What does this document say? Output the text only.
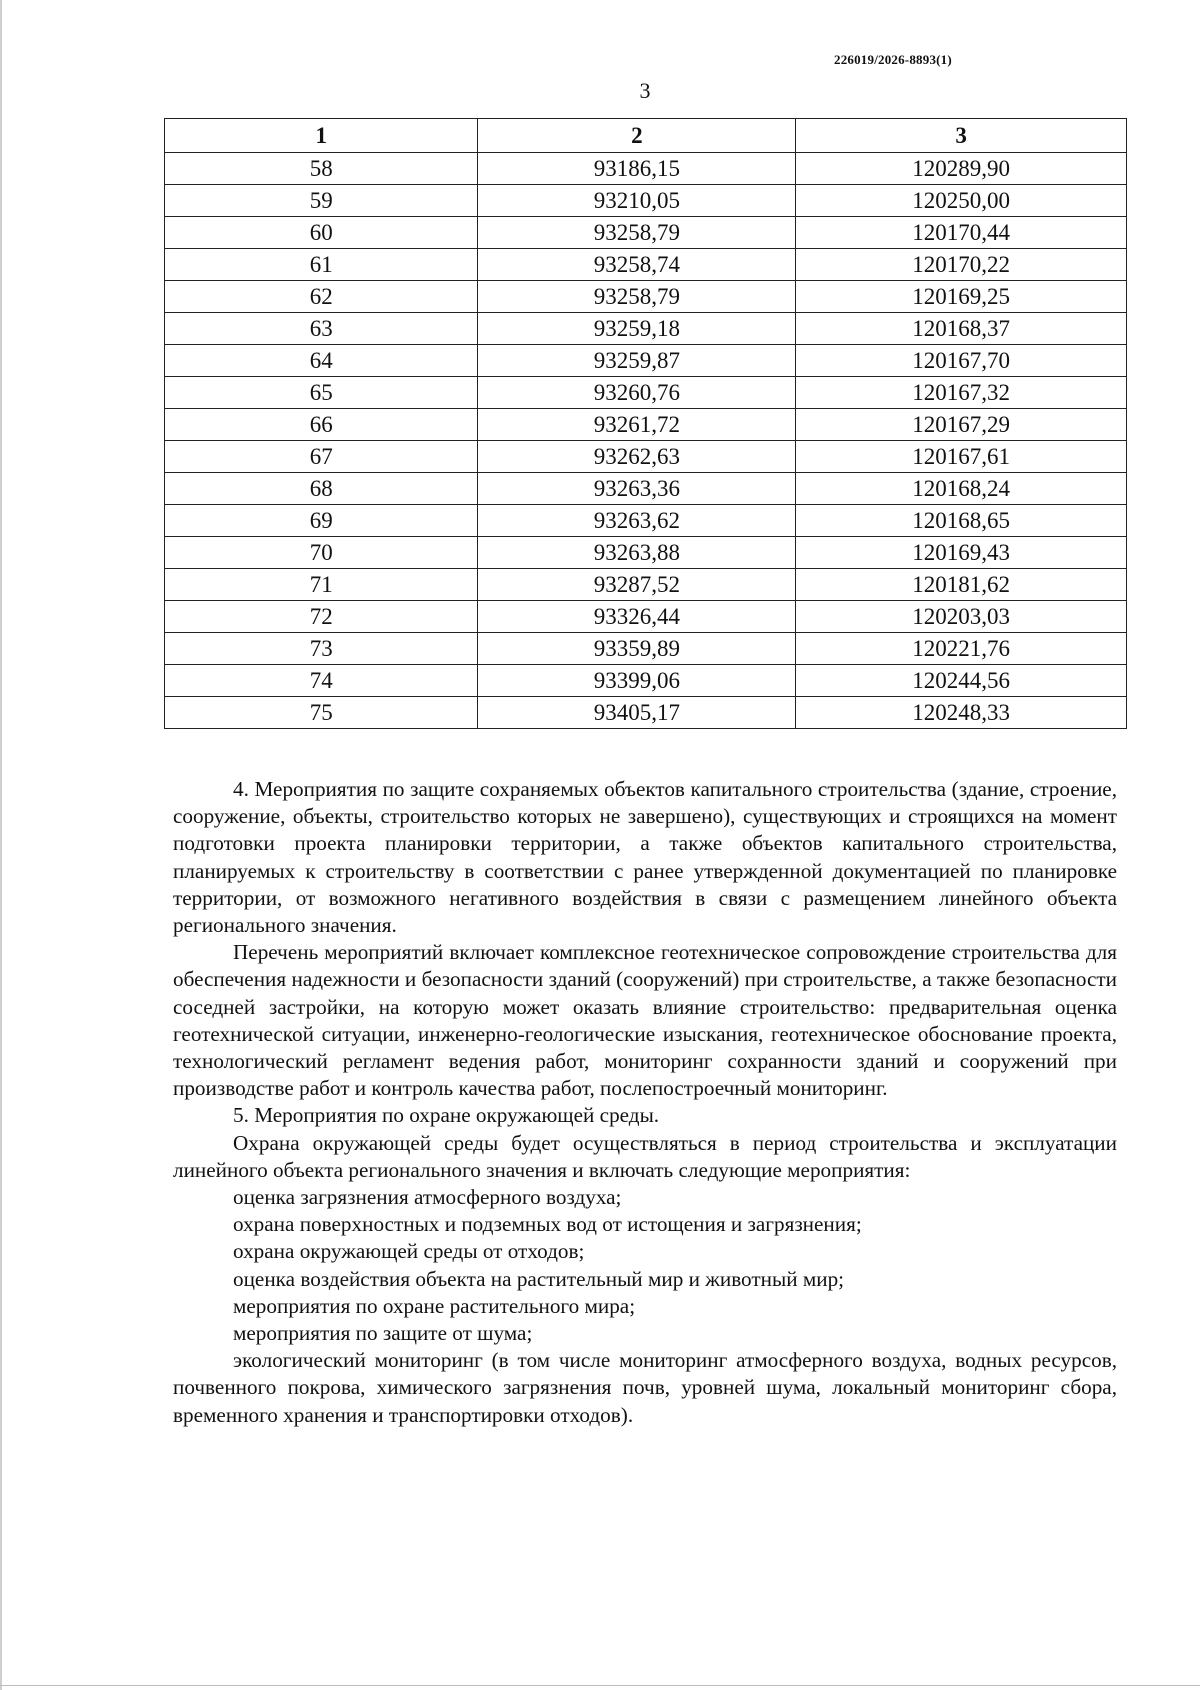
226019/2026-8893(1)
3
1	2	3
58	93186,15	120289,90
59	93210,05	120250,00
60	93258,79	120170,44
61	93258,74	120170,22
62	93258,79	120169,25
63	93259,18	120168,37
64	93259,87	120167,70
65	93260,76	120167,32
66	93261,72	120167,29
67	93262,63	120167,61
68	93263,36	120168,24
69	93263,62	120168,65
70	93263,88	120169,43
71	93287,52	120181,62
72	93326,44	120203,03
73	93359,89	120221,76
74	93399,06	120244,56
75	93405,17	120248,33

4. Мероприятия по защите сохраняемых объектов капитального строительства (здание, строение, сооружение, объекты, строительство которых не завершено), существующих и строящихся на момент подготовки проекта планировки территории, а также объектов капитального строительства, планируемых к строительству в соответствии с ранее утвержденной документацией по планировке территории, от возможного негативного воздействия в связи с размещением линейного объекта регионального значения.

Перечень мероприятий включает комплексное геотехническое сопровождение строительства для обеспечения надежности и безопасности зданий (сооружений) при строительстве, а также безопасности соседней застройки, на которую может оказать влияние строительство: предварительная оценка геотехнической ситуации, инженерно-геологические изыскания, геотехническое обоснование проекта, технологический регламент ведения работ, мониторинг сохранности зданий и сооружений при производстве работ и контроль качества работ, послепостроечный мониторинг.

5. Мероприятия по охране окружающей среды.

Охрана окружающей среды будет осуществляться в период строительства и эксплуатации линейного объекта регионального значения и включать следующие мероприятия:

оценка загрязнения атмосферного воздуха;

охрана поверхностных и подземных вод от истощения и загрязнения;

охрана окружающей среды от отходов;

оценка воздействия объекта на растительный мир и животный мир;

мероприятия по охране растительного мира;

мероприятия по защите от шума;

экологический мониторинг (в том числе мониторинг атмосферного воздуха, водных ресурсов, почвенного покрова, химического загрязнения почв, уровней шума, локальный мониторинг сбора, временного хранения и транспортировки отходов).
